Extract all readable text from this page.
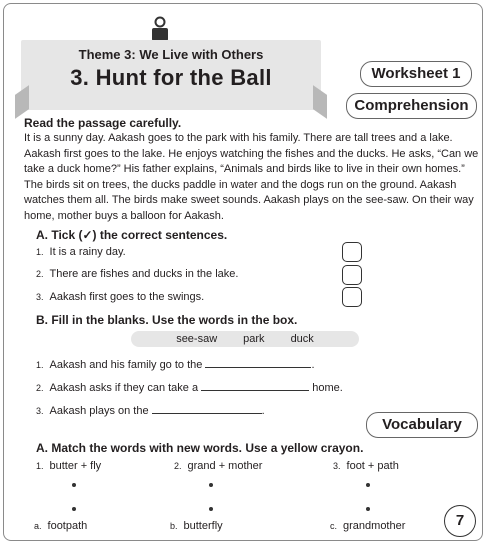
Theme 3: We Live with Others
3. Hunt for the Ball	Worksheet 1
Comprehension
Read the passage carefully.
It is a sunny day. Aakash goes to the park with his family. There are tall trees and a lake. Aakash first goes to the lake. He enjoys watching the fishes and the ducks. He asks, “Can we take a duck home?” His father explains, “Animals and birds like to live in their own homes.” The birds sit on trees, the ducks paddle in water and the dogs run on the ground. Aakash watches them all. The birds make sweet sounds. Aakash plays on the see-saw. On their way home, mother buys a balloon for Aakash.
A. Tick (✓) the correct sentences.
1. It is a rainy day.
2. There are fishes and ducks in the lake.
3. Aakash first goes to the swings.
B. Fill in the blanks. Use the words in the box.
see-saw park duck
1. Aakash and his family go to the	.
2. Aakash asks if they can take a	home.
3. Aakash plays on the	.
Vocabulary
A. Match the words with new words. Use a yellow crayon.
1. butter + fly	2. grand + mother	3. foot + path
a. footpath	b. butterfly	c. grandmother	7
